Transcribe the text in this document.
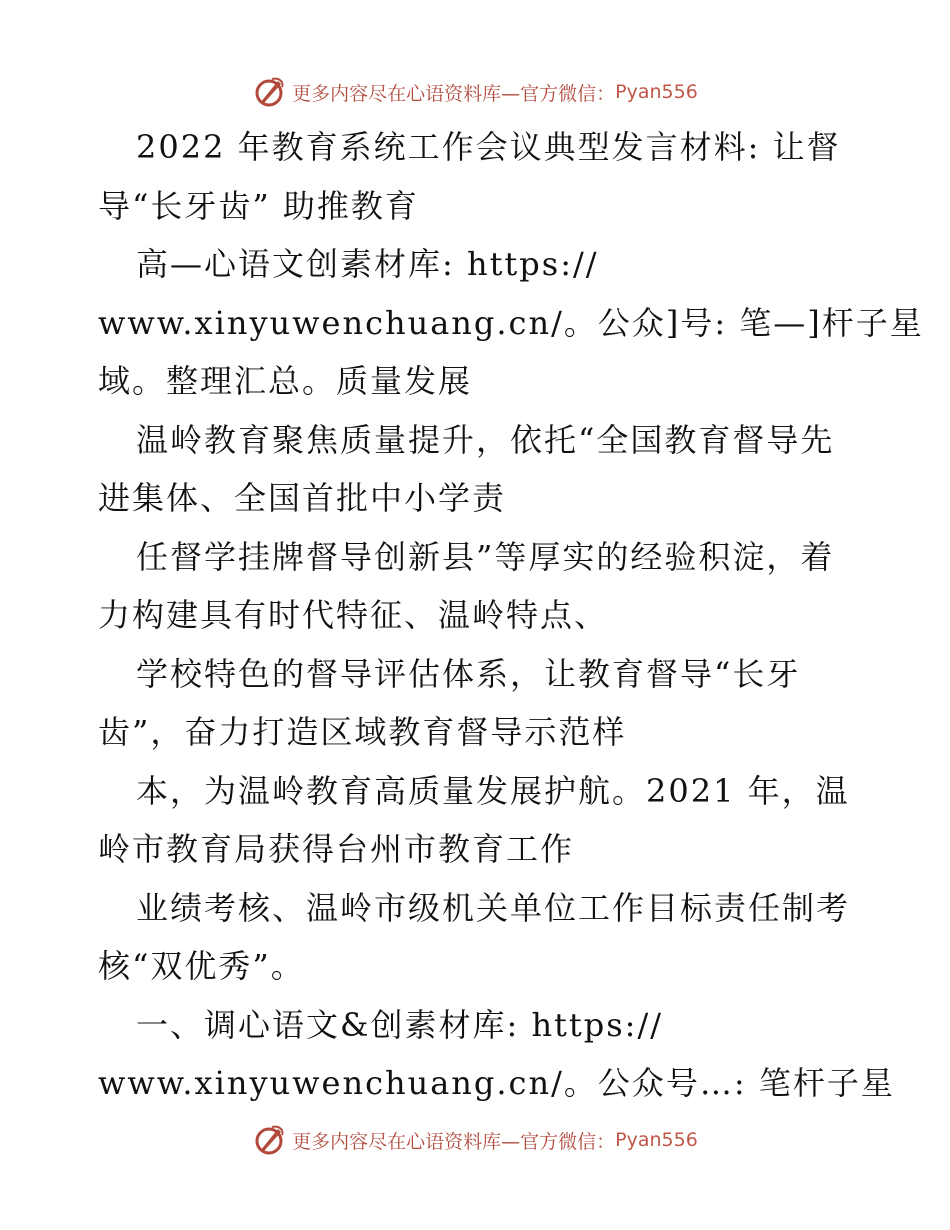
更多内容尽在心语资料库—官方微信： Pyan556

2022 年教育系统工作会议典型发言材料: 让督

导“长牙齿” 助推教育

高—心语文创素材库: https://

www.xinyuwenchuang.cn/。公众]号: 笔—]杆子星

域。整理汇总。质量发展

温岭教育聚焦质量提升，依托“全国教育督导先

进集体、全国首批中小学责

任督学挂牌督导创新县”等厚实的经验积淀，着

力构建具有时代特征、温岭特点、

学校特色的督导评估体系，让教育督导“长牙

齿”，奋力打造区域教育督导示范样

本，为温岭教育高质量发展护航。2021 年，温

岭市教育局获得台州市教育工作

业绩考核、温岭市级机关单位工作目标责任制考

核“双优秀”。

一、调心语文&创素材库: https://

www.xinyuwenchuang.cn/。公众号…: 笔杆子星

更多内容尽在心语资料库—官方微信： Pyan556
